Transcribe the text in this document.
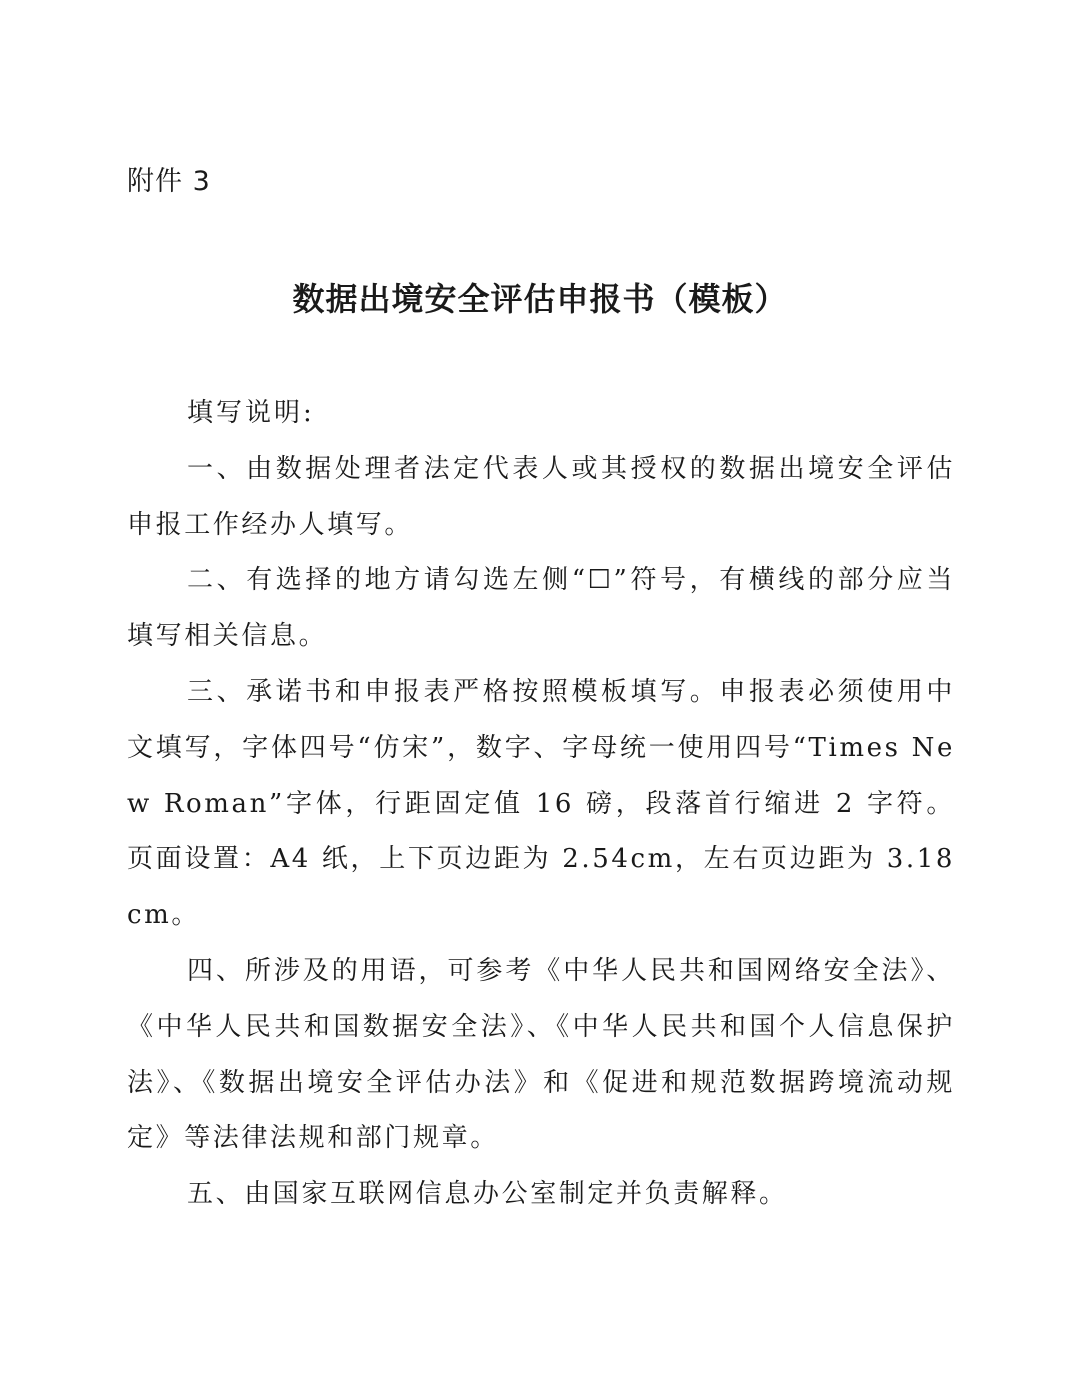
附件 3

数据出境安全评估申报书（模板）

填写说明:

一、由数据处理者法定代表人或其授权的数据出境安全评估申报工作经办人填写。

二、有选择的地方请勾选左侧“☐”符号，有横线的部分应当填写相关信息。

三、承诺书和申报表严格按照模板填写。申报表必须使用中文填写，字体四号“仿宋”，数字、字母统一使用四号“Times New Roman”字体，行距固定值 16 磅，段落首行缩进 2 字符。页面设置：A4 纸，上下页边距为 2.54cm，左右页边距为 3.18cm。

四、所涉及的用语，可参考《中华人民共和国网络安全法》、《中华人民共和国数据安全法》、《中华人民共和国个人信息保护法》、《数据出境安全评估办法》和《促进和规范数据跨境流动规定》等法律法规和部门规章。

五、由国家互联网信息办公室制定并负责解释。
